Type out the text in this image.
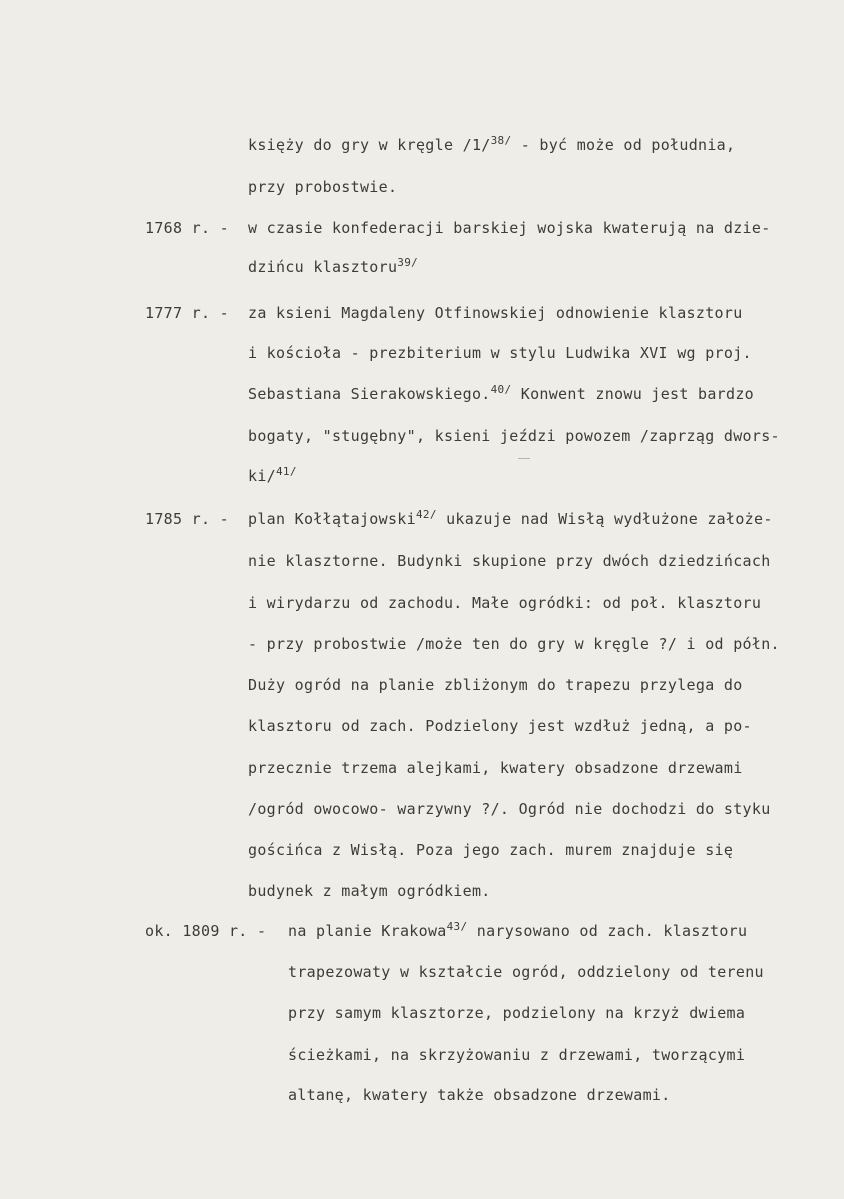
księży do gry w kręgle /1/$^{38/}$ - być może od południa,
przy probostwie.
1768 r. - w czasie konfederacji barskiej wojska kwaterują na dzie-
dzińcu klasztoru$^{39/}$
1777 r. - za ksieni Magdaleny Otfinowskiej odnowienie klasztoru
i kościoła - prezbiterium w stylu Ludwika XVI wg proj.
Sebastiana Sierakowskiego.$^{40/}$ Konwent znowu jest bardzo
bogaty, "stugębny", ksieni jeździ powozem /zaprząg dwors-
ki/$^{41/}$
1785 r. - plan Kołłątajowski$^{42/}$ ukazuje nad Wisłą wydłużone założe-
nie klasztorne. Budynki skupione przy dwóch dziedzińcach
i wirydarzu od zachodu. Małe ogródki: od poł. klasztoru
- przy probostwie /może ten do gry w kręgle ?/ i od półn.
Duży ogród na planie zbliżonym do trapezu przylega do
klasztoru od zach. Podzielony jest wzdłuż jedną, a po-
przecznie trzema alejkami, kwatery obsadzone drzewami
/ogród owocowo- warzywny ?/. Ogród nie dochodzi do styku
gościńca z Wisłą. Poza jego zach. murem znajduje się
budynek z małym ogródkiem.
ok. 1809 r. - na planie Krakowa$^{43/}$ narysowano od zach. klasztoru
trapezowaty w kształcie ogród, oddzielony od terenu
przy samym klasztorze, podzielony na krzyż dwiema
ścieżkami, na skrzyżowaniu z drzewami, tworzącymi
altanę, kwatery także obsadzone drzewami.
